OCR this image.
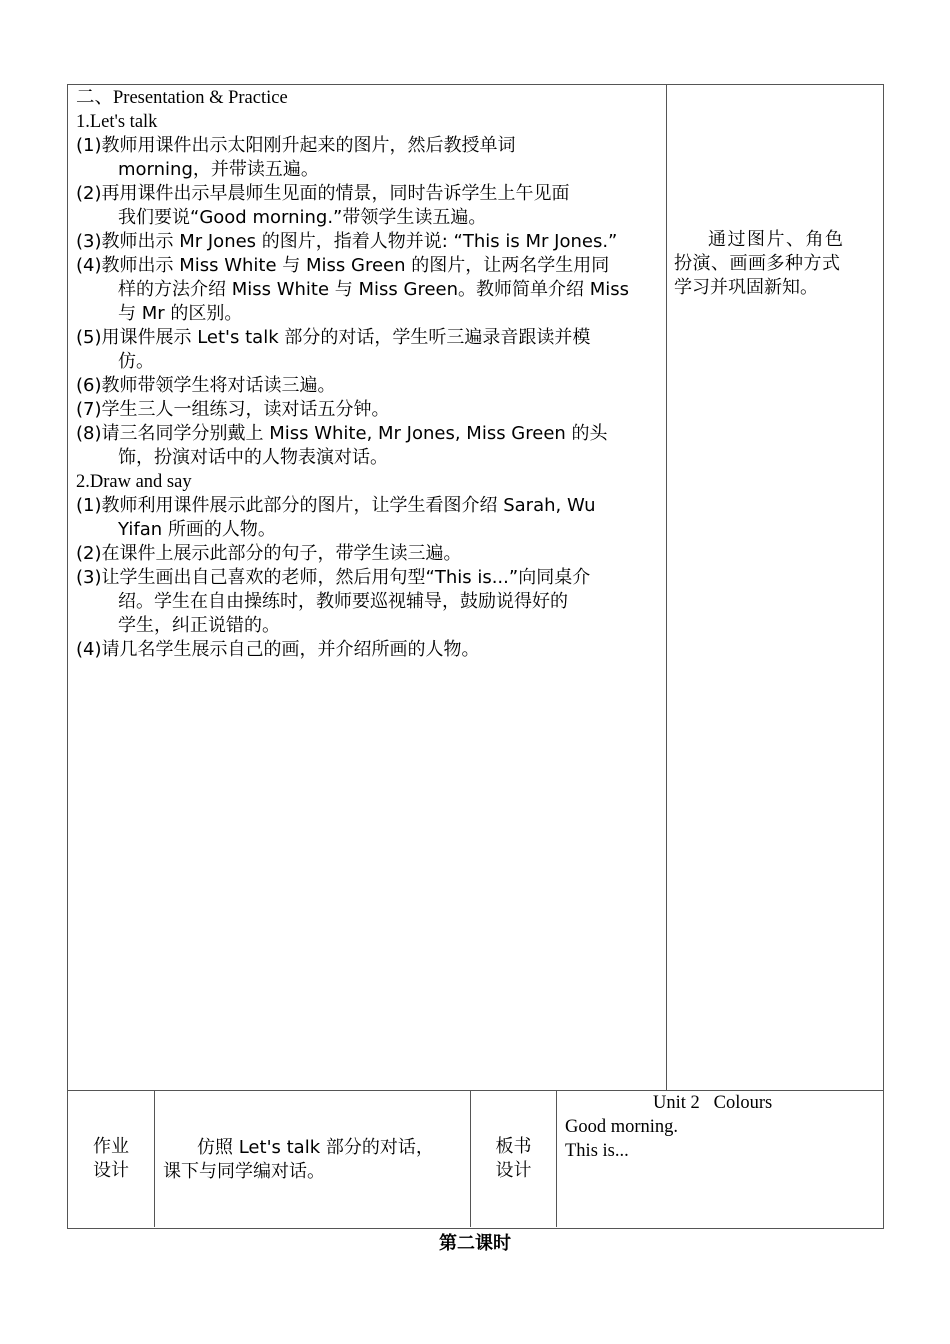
二、Presentation & Practice
1.Let's talk
(1)教师用课件出示太阳刚升起来的图片，然后教授单词
morning，并带读五遍。
(2)再用课件出示早晨师生见面的情景，同时告诉学生上午见面
我们要说“Good morning.”带领学生读五遍。
(3)教师出示 Mr Jones 的图片，指着人物并说: “This is Mr Jones.”
(4)教师出示 Miss White 与 Miss Green 的图片，让两名学生用同
样的方法介绍 Miss White 与 Miss Green。教师简单介绍 Miss
与 Mr 的区别。
(5)用课件展示 Let's talk 部分的对话，学生听三遍录音跟读并模
仿。
(6)教师带领学生将对话读三遍。
(7)学生三人一组练习，读对话五分钟。
(8)请三名同学分别戴上 Miss White, Mr Jones, Miss Green 的头
饰，扮演对话中的人物表演对话。
2.Draw and say
(1)教师利用课件展示此部分的图片，让学生看图介绍 Sarah, Wu
Yifan 所画的人物。
(2)在课件上展示此部分的句子，带学生读三遍。
(3)让学生画出自己喜欢的老师，然后用句型“This is...”向同桌介
绍。学生在自由操练时，教师要巡视辅导，鼓励说得好的
学生，纠正说错的。
(4)请几名学生展示自己的画，并介绍所画的人物。
通过图片、角色
扮演、画画多种方式
学习并巩固新知。
作业
设计
仿照 Let's talk 部分的对话，
课下与同学编对话。
板书
设计
Unit 2   Colours
Good morning.
This is...
第二课时
